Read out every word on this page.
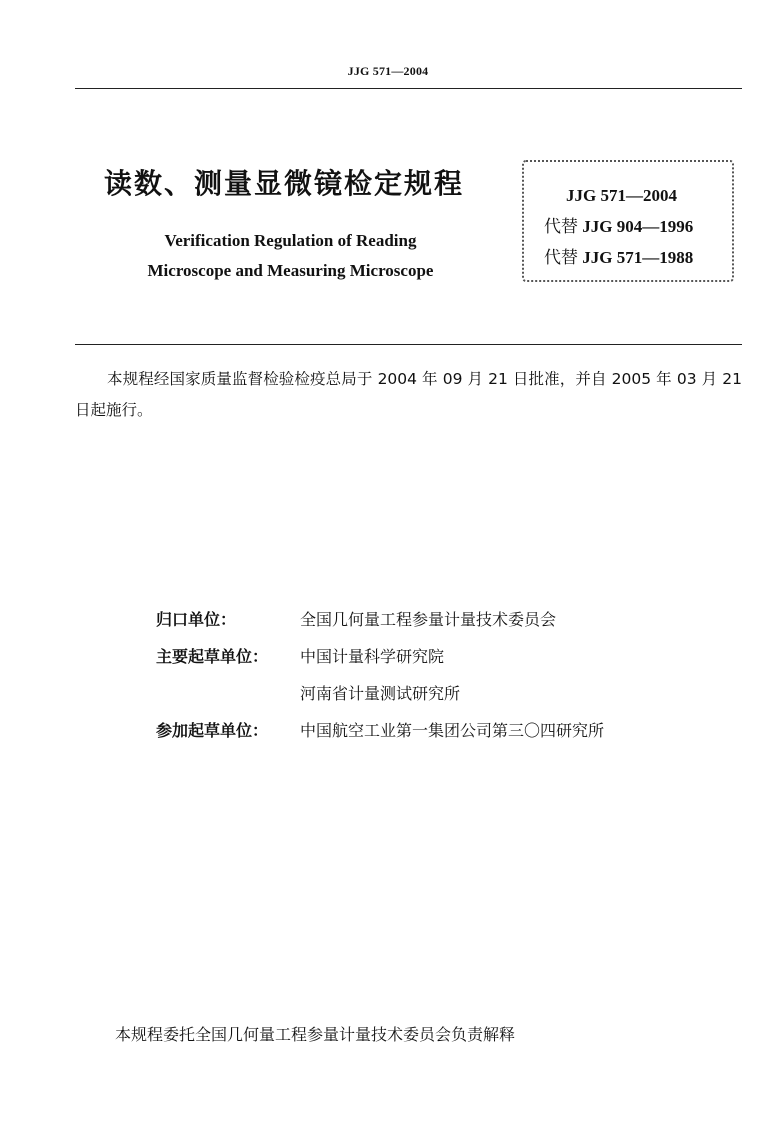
JJG 571—2004
读数、测量显微镜检定规程
Verification Regulation of Reading
Microscope and Measuring Microscope
JJG 571—2004
代替 JJG 904—1996
代替 JJG 571—1988
本规程经国家质量监督检验检疫总局于 2004 年 09 月 21 日批准，并自 2005 年 03 月 21 日起施行。
归口单位：	全国几何量工程参量计量技术委员会
主要起草单位：	中国计量科学研究院
河南省计量测试研究所
参加起草单位：	中国航空工业第一集团公司第三〇四研究所
本规程委托全国几何量工程参量计量技术委员会负责解释
